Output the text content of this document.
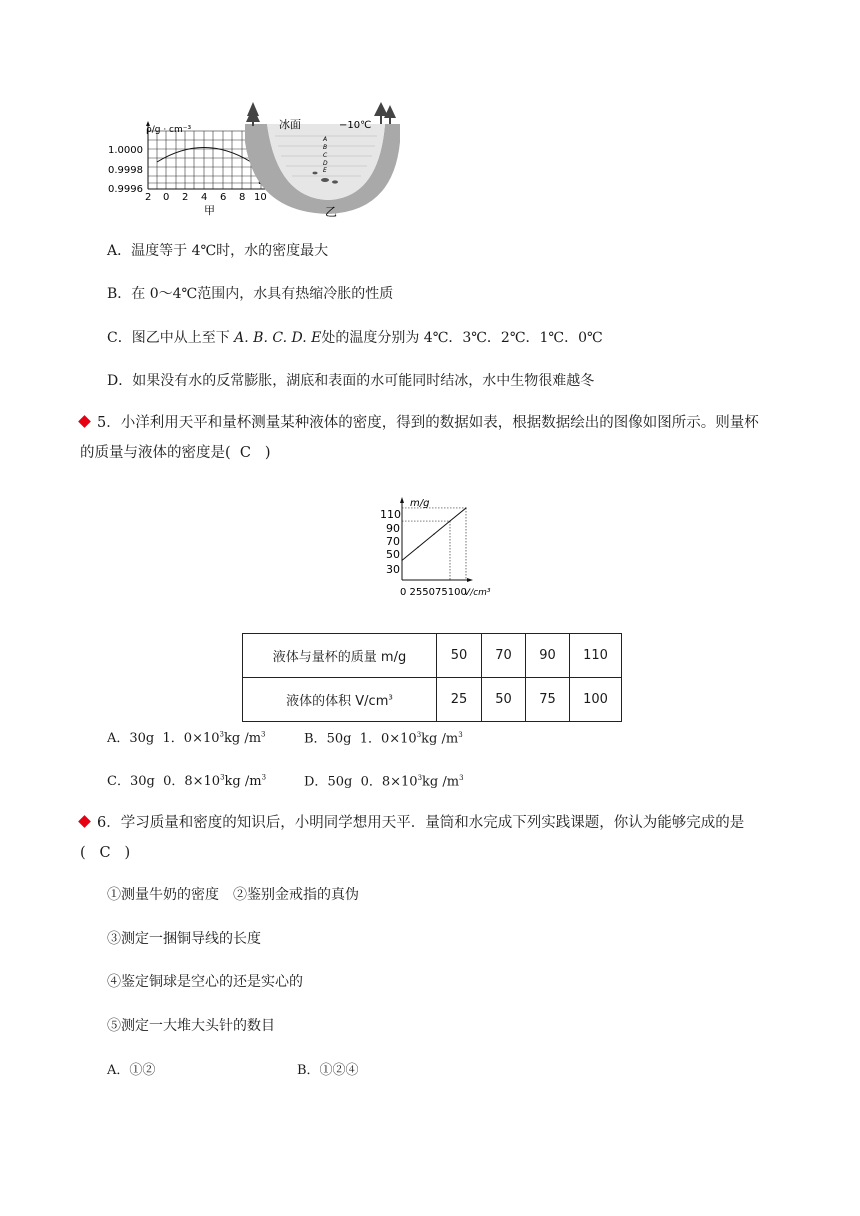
ρ/g · cm⁻³
1.0000
0.9998
0.9996
2 0 2 4 6 8 10
甲
冰面	−10℃
A
B
C
D
E
乙
A．温度等于 4℃时，水的密度最大
B．在 0～4℃范围内，水具有热缩冷胀的性质
C．图乙中从上至下 A. B. C. D. E处的温度分别为 4℃．3℃．2℃．1℃．0℃
D．如果没有水的反常膨胀，湖底和表面的水可能同时结冰，水中生物很难越冬
5．小洋利用天平和量杯测量某种液体的密度，得到的数据如表，根据数据绘出的图像如图所示。则量杯
的质量与液体的密度是( C )
m/g
V/cm³
110
90
70
50
30
0 255075100
液体与量杯的质量 m/g	50	70	90	110
液体的体积 $V/cm^3$	25	50	75	100
A．30g 1．$0\times 10^3kg$ $/m^3$	B．50g 1．$0\times 10^3kg$ $/m^3$
C．30g 0．$8\times 10^3kg$ $/m^3$	D．50g 0．$8\times 10^3kg$ $/m^3$
6．学习质量和密度的知识后，小明同学想用天平．量筒和水完成下列实践课题，你认为能够完成的是
( C )
①测量牛奶的密度　②鉴别金戒指的真伪
③测定一捆铜导线的长度
④鉴定铜球是空心的还是实心的
⑤测定一大堆大头针的数目
A．①②	B．①②④
